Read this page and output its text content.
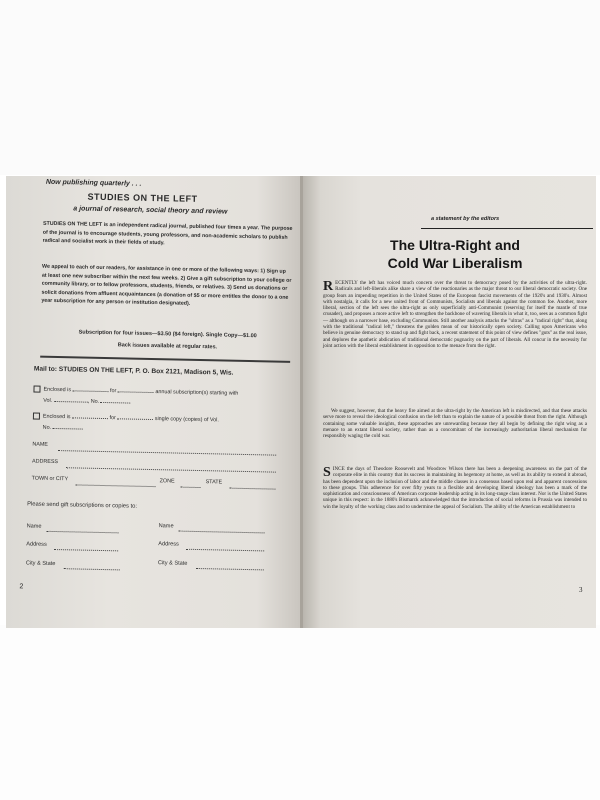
Now publishing quarterly . . .
STUDIES ON THE LEFT
a journal of research, social theory and review
STUDIES ON THE LEFT is an independent radical journal, published four times a year. The purpose of the journal is to encourage students, young professors, and non-academic scholars to publish radical and socialist work in their fields of study.
We appeal to each of our readers, for assistance in one or more of the following ways: 1) Sign up at least one new subscriber within the next few weeks. 2) Give a gift subscription to your college or community library, or to fellow professors, students, friends, or relatives. 3) Send us donations or solicit donations from affluent acquaintances (a donation of $5 or more entitles the donor to a one year subscription for any person or institution designated).
Subscription for four issues—$3.50 ($4 foreign). Single Copy—$1.00
Back issues available at regular rates.
Mail to: STUDIES ON THE LEFT, P. O. Box 2121, Madison 5, Wis.
Enclosed is	for	annual subscription(s) starting with
Vol.	, No.
Enclosed is	for	single copy (copies) of Vol.
No.
NAME
ADDRESS
TOWN or CITY	ZONE	STATE
Please send gift subscriptions or copies to:
Name	Name
Address	Address
City & State	City & State
2
a statement by the editors
The Ultra-Right and
Cold War Liberalism
RECENTLY the left has voiced much concern over the threat to democracy posed by the activities of the ultra-right. Radicals and left-liberals alike share a view of the reactionaries as the major threat to our liberal democratic society. One group fears an impending repetition in the United States of the European fascist movements of the 1920's and 1930's. Almost with nostalgia, it calls for a new united front of Communists, Socialists and liberals against the common foe. Another, more liberal, section of the left sees the ultra-right as only superficially anti-Communist (reserving for itself the mantle of true crusader), and proposes a more active left to strengthen the backbone of wavering liberals in what it, too, sees as a common fight — although on a narrower base, excluding Communists. Still another analysis attacks the "ultras" as a "radical right" that, along with the traditional "radical left," threatens the golden mean of our historically open society. Calling upon Americans who believe in genuine democracy to stand up and fight back, a recent statement of this point of view defines "guts" as the real issue, and deplores the apathetic abdication of traditional democratic pugnacity on the part of liberals. All concur in the necessity for joint action with the liberal establishment in opposition to the menace from the right.
We suggest, however, that the heavy fire aimed at the ultra-right by the American left is misdirected, and that these attacks serve more to reveal the ideological confusion on the left than to explain the nature of a possible threat from the right. Although containing some valuable insights, these approaches are unrewarding because they all begin by defining the right wing as a menace to an extant liberal society, rather than as a concomitant of the increasingly authoritarian liberal mechanism for responsibly waging the cold war.
SINCE the days of Theodore Roosevelt and Woodrow Wilson there has been a deepening awareness on the part of the corporate elite in this country that its success in maintaining its hegemony at home, as well as its ability to extend it abroad, has been dependent upon the inclusion of labor and the middle classes in a consensus based upon real and apparent concessions to these groups. This adherence for over fifty years to a flexible and developing liberal ideology has been a mark of the sophistication and consciousness of American corporate leadership acting in its long-range class interest. Nor is the United States unique in this respect: in the 1880's Bismarck acknowledged that the introduction of social reforms in Prussia was intended to win the loyalty of the working class and to undermine the appeal of Socialism. The ability of the American establishment to
3
